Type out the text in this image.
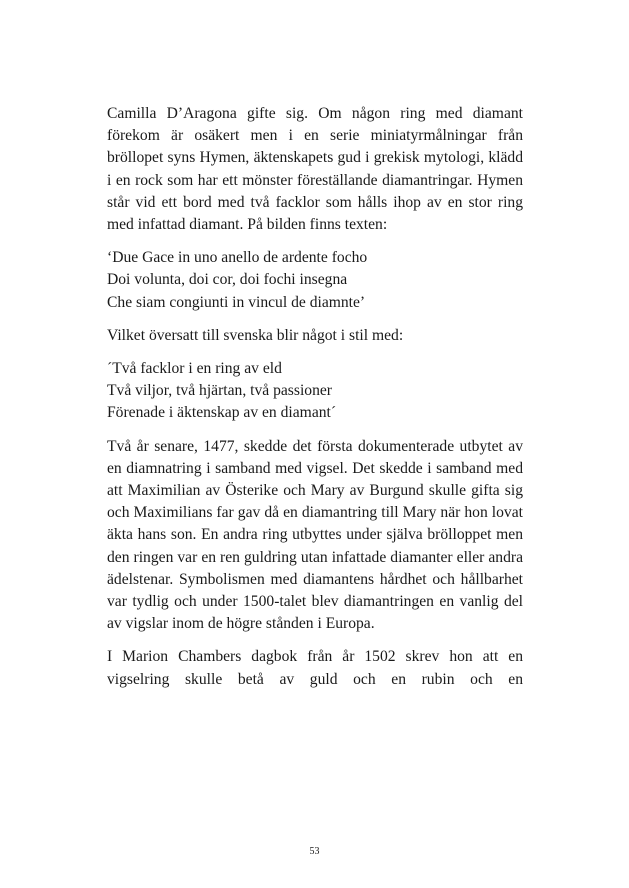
Camilla D’Aragona gifte sig. Om någon ring med diamant förekom är osäkert men i en serie miniatyrmålningar från bröllopet syns Hymen, äktenskapets gud i grekisk mytologi, klädd i en rock som har ett mönster föreställande diamantringar. Hymen står vid ett bord med två facklor som hålls ihop av en stor ring med infattad diamant. På bilden finns texten:

‘Due Gace in uno anello de ardente focho
Doi volunta, doi cor, doi fochi insegna
Che siam congiunti in vincul de diamnte’

Vilket översatt till svenska blir något i stil med:

´Två facklor i en ring av eld
Två viljor, två hjärtan, två passioner
Förenade i äktenskap av en diamant´

Två år senare, 1477, skedde det första dokumenterade utbytet av en diamnatring i samband med vigsel. Det skedde i samband med att Maximilian av Österike och Mary av Burgund skulle gifta sig och Maximilians far gav då en diamantring till Mary när hon lovat äkta hans son. En andra ring utbyttes under själva brölloppet men den ringen var en ren guldring utan infattade diamanter eller andra ädelstenar. Symbolismen med diamantens hårdhet och hållbarhet var tydlig och under 1500-talet blev diamantringen en vanlig del av vigslar inom de högre stånden i Europa.

I Marion Chambers dagbok från år 1502 skrev hon att en vigselring skulle betå av guld och en rubin och en

53
